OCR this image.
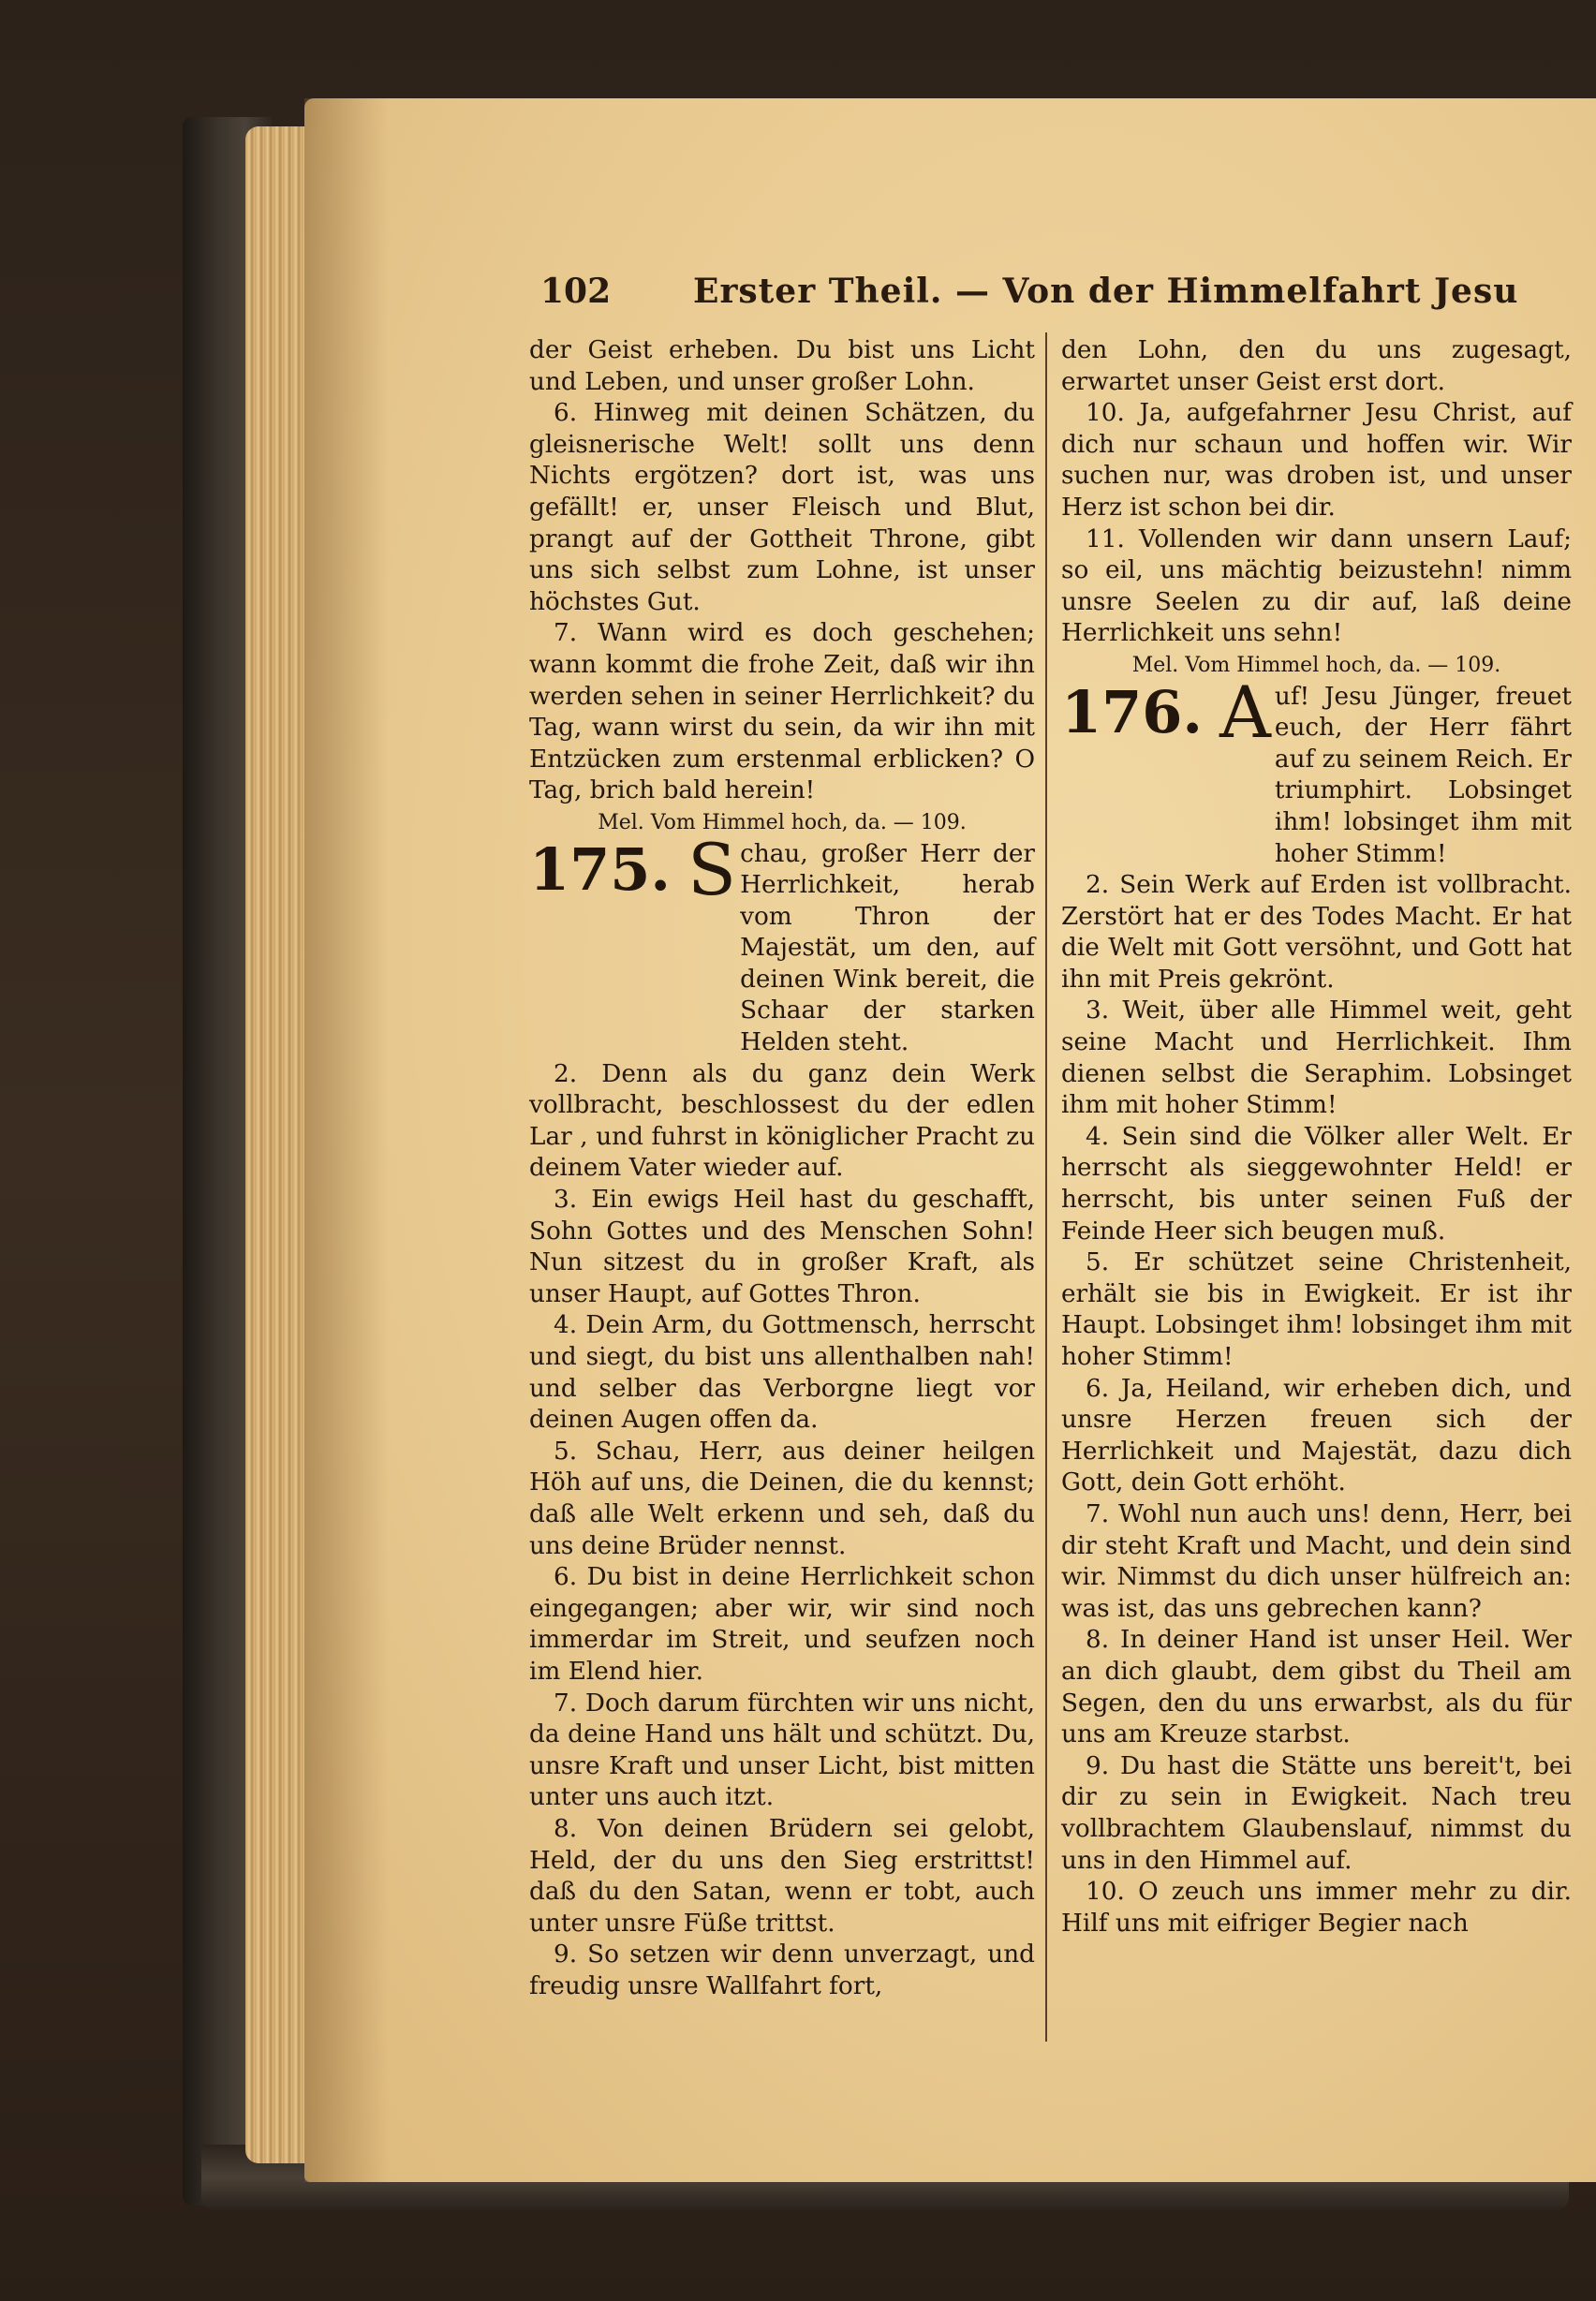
102 Erster Theil. — Von der Himmelfahrt Jesu

der Geist erheben. Du bist uns Licht und Leben, und unser großer Lohn.

6. Hinweg mit deinen Schätzen, du gleisnerische Welt! sollt uns denn Nichts ergötzen? dort ist, was uns gefällt! er, unser Fleisch und Blut, prangt auf der Gottheit Throne, gibt uns sich selbst zum Lohne, ist unser höchstes Gut.

7. Wann wird es doch geschehen; wann kommt die frohe Zeit, daß wir ihn werden sehen in seiner Herrlichkeit? du Tag, wann wirst du sein, da wir ihn mit Entzücken zum erstenmal erblicken? O Tag, brich bald herein!

Mel. Vom Himmel hoch, da. — 109.

175. S chau, großer Herr der Herrlichkeit, herab vom Thron der Majestät, um den, auf deinen Wink bereit, die Schaar der starken Helden steht.

2. Denn als du ganz dein Werk vollbracht, beschlossest du der edlen Lar , und fuhrst in königlicher Pracht zu deinem Vater wieder auf.

3. Ein ewigs Heil hast du geschafft, Sohn Gottes und des Menschen Sohn! Nun sitzest du in großer Kraft, als unser Haupt, auf Gottes Thron.

4. Dein Arm, du Gottmensch, herrscht und siegt, du bist uns allenthalben nah! und selber das Verborgne liegt vor deinen Augen offen da.

5. Schau, Herr, aus deiner heilgen Höh auf uns, die Deinen, die du kennst; daß alle Welt erkenn und seh, daß du uns deine Brüder nennst.

6. Du bist in deine Herrlichkeit schon eingegangen; aber wir, wir sind noch immerdar im Streit, und seufzen noch im Elend hier.

7. Doch darum fürchten wir uns nicht, da deine Hand uns hält und schützt. Du, unsre Kraft und unser Licht, bist mitten unter uns auch itzt.

8. Von deinen Brüdern sei gelobt, Held, der du uns den Sieg erstrittst! daß du den Satan, wenn er tobt, auch unter unsre Füße trittst.

9. So setzen wir denn unverzagt, und freudig unsre Wallfahrt fort,

den Lohn, den du uns zugesagt, erwartet unser Geist erst dort.

10. Ja, aufgefahrner Jesu Christ, auf dich nur schaun und hoffen wir. Wir suchen nur, was droben ist, und unser Herz ist schon bei dir.

11. Vollenden wir dann unsern Lauf; so eil, uns mächtig beizustehn! nimm unsre Seelen zu dir auf, laß deine Herrlichkeit uns sehn!

Mel. Vom Himmel hoch, da. — 109.

176. A uf! Jesu Jünger, freuet euch, der Herr fährt auf zu seinem Reich. Er triumphirt. Lobsinget ihm! lobsinget ihm mit hoher Stimm!

2. Sein Werk auf Erden ist vollbracht. Zerstört hat er des Todes Macht. Er hat die Welt mit Gott versöhnt, und Gott hat ihn mit Preis gekrönt.

3. Weit, über alle Himmel weit, geht seine Macht und Herrlichkeit. Ihm dienen selbst die Seraphim. Lobsinget ihm mit hoher Stimm!

4. Sein sind die Völker aller Welt. Er herrscht als sieggewohnter Held! er herrscht, bis unter seinen Fuß der Feinde Heer sich beugen muß.

5. Er schützet seine Christenheit, erhält sie bis in Ewigkeit. Er ist ihr Haupt. Lobsinget ihm! lobsinget ihm mit hoher Stimm!

6. Ja, Heiland, wir erheben dich, und unsre Herzen freuen sich der Herrlichkeit und Majestät, dazu dich Gott, dein Gott erhöht.

7. Wohl nun auch uns! denn, Herr, bei dir steht Kraft und Macht, und dein sind wir. Nimmst du dich unser hülfreich an: was ist, das uns gebrechen kann?

8. In deiner Hand ist unser Heil. Wer an dich glaubt, dem gibst du Theil am Segen, den du uns erwarbst, als du für uns am Kreuze starbst.

9. Du hast die Stätte uns bereit't, bei dir zu sein in Ewigkeit. Nach treu vollbrachtem Glaubenslauf, nimmst du uns in den Himmel auf.

10. O zeuch uns immer mehr zu dir. Hilf uns mit eifriger Begier nach
